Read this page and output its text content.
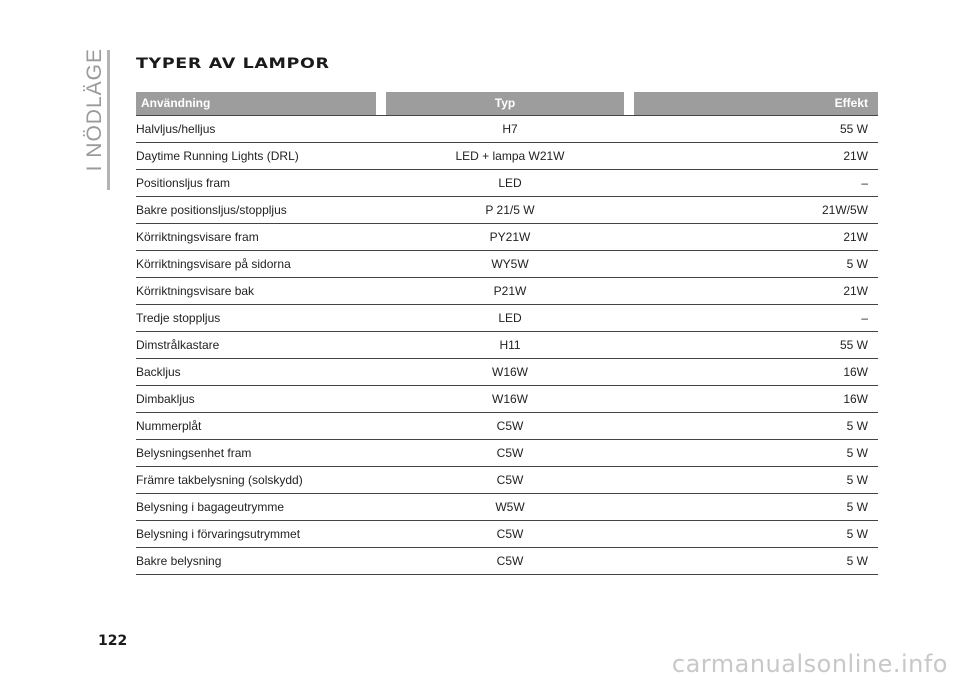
I NÖDLÄGE TYPER AV LAMPOR
Användning	Typ	Effekt
Halvljus/helljus	H7	55 W
Daytime Running Lights (DRL)	LED + lampa W21W	21W
Positionsljus fram	LED	–
Bakre positionsljus/stoppljus	P 21/5 W	21W/5W
Körriktningsvisare fram	PY21W	21W
Körriktningsvisare på sidorna	WY5W	5 W
Körriktningsvisare bak	P21W	21W
Tredje stoppljus	LED	–
Dimstrålkastare	H11	55 W
Backljus	W16W	16W
Dimbakljus	W16W	16W
Nummerplåt	C5W	5 W
Belysningsenhet fram	C5W	5 W
Främre takbelysning (solskydd)	C5W	5 W
Belysning i bagageutrymme	W5W	5 W
Belysning i förvaringsutrymmet	C5W	5 W
Bakre belysning	C5W	5 W
122
carmanualsonline.info
